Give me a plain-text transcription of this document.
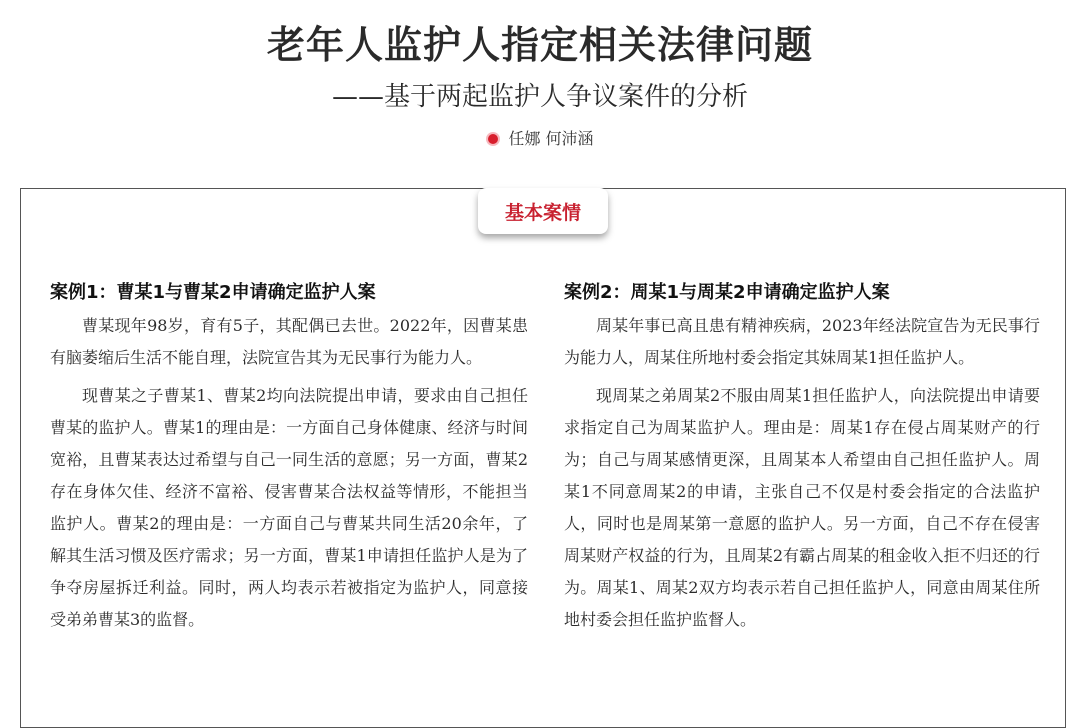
老年人监护人指定相关法律问题
——基于两起监护人争议案件的分析
任娜 何沛涵
基本案情
案例1：曹某1与曹某2申请确定监护人案

曹某现年98岁，育有5子，其配偶已去世。2022年，因曹某患有脑萎缩后生活不能自理，法院宣告其为无民事行为能力人。

现曹某之子曹某1、曹某2均向法院提出申请，要求由自己担任曹某的监护人。曹某1的理由是：一方面自己身体健康、经济与时间宽裕，且曹某表达过希望与自己一同生活的意愿；另一方面，曹某2存在身体欠佳、经济不富裕、侵害曹某合法权益等情形，不能担当监护人。曹某2的理由是：一方面自己与曹某共同生活20余年，了解其生活习惯及医疗需求；另一方面，曹某1申请担任监护人是为了争夺房屋拆迁利益。同时，两人均表示若被指定为监护人，同意接受弟弟曹某3的监督。

案例2：周某1与周某2申请确定监护人案

周某年事已高且患有精神疾病，2023年经法院宣告为无民事行为能力人，周某住所地村委会指定其妹周某1担任监护人。

现周某之弟周某2不服由周某1担任监护人，向法院提出申请要求指定自己为周某监护人。理由是：周某1存在侵占周某财产的行为；自己与周某感情更深，且周某本人希望由自己担任监护人。周某1不同意周某2的申请，主张自己不仅是村委会指定的合法监护人，同时也是周某第一意愿的监护人。另一方面，自己不存在侵害周某财产权益的行为，且周某2有霸占周某的租金收入拒不归还的行为。周某1、周某2双方均表示若自己担任监护人，同意由周某住所地村委会担任监护监督人。
